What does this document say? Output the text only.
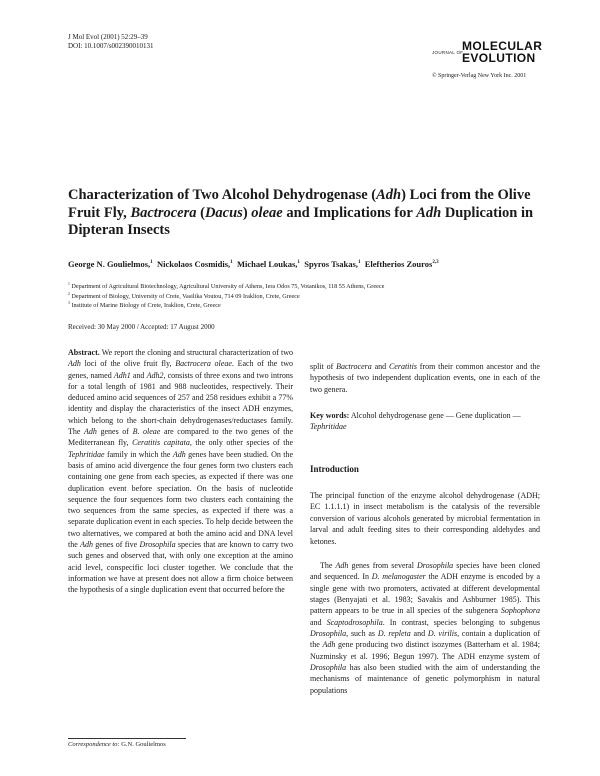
J Mol Evol (2001) 52:29–39
DOI: 10.1007/s002390010131
JOURNAL OF
MOLECULAR
EVOLUTION
© Springer-Verlag New York Inc. 2001
Characterization of Two Alcohol Dehydrogenase (Adh) Loci from the Olive Fruit Fly, Bactrocera (Dacus) oleae and Implications for Adh Duplication in Dipteran Insects
George N. Goulielmos,$^1$ Nickolaos Cosmidis,$^1$ Michael Loukas,$^1$ Spyros Tsakas,$^1$ Eleftherios Zouros$^{2,3}$
$^1$ Department of Agricultural Biotechnology, Agricultural University of Athens, Iera Odos 75, Votanikos, 118 55 Athens, Greece
$^2$ Department of Biology, University of Crete, Vasilika Voutou, 714 09 Iraklion, Crete, Greece
$^3$ Institute of Marine Biology of Crete, Iraklion, Crete, Greece
Received: 30 May 2000 / Accepted: 17 August 2000
Abstract. We report the cloning and structural characterization of two Adh loci of the olive fruit fly, Bactrocera oleae. Each of the two genes, named Adh1 and Adh2, consists of three exons and two introns for a total length of 1981 and 988 nucleotides, respectively. Their deduced amino acid sequences of 257 and 258 residues exhibit a 77% identity and display the characteristics of the insect ADH enzymes, which belong to the short-chain dehydrogenases/reductases family. The Adh genes of B. oleae are compared to the two genes of the Mediterranean fly, Ceratitis capitata, the only other species of the Tephritidae family in which the Adh genes have been studied. On the basis of amino acid divergence the four genes form two clusters each containing one gene from each species, as expected if there was one duplication event before speciation. On the basis of nucleotide sequence the four sequences form two clusters each containing the two sequences from the same species, as expected if there was a separate duplication event in each species. To help decide between the two alternatives, we compared at both the amino acid and DNA level the Adh genes of five Drosophila species that are known to carry two such genes and observed that, with only one exception at the amino acid level, conspecific loci cluster together. We conclude that the information we have at present does not allow a firm choice between the hypothesis of a single duplication event that occurred before the
split of Bactrocera and Ceratitis from their common ancestor and the hypothesis of two independent duplication events, one in each of the two genera.
Key words: Alcohol dehydrogenase gene — Gene duplication — Tephritidae
Introduction
The principal function of the enzyme alcohol dehydrogenase (ADH; EC 1.1.1.1) in insect metabolism is the catalysis of the reversible conversion of various alcohols generated by microbial fermentation in larval and adult feeding sites to their corresponding aldehydes and ketones.
The Adh genes from several Drosophila species have been cloned and sequenced. In D. melanogaster the ADH enzyme is encoded by a single gene with two promoters, activated at different developmental stages (Benyajati et al. 1983; Savakis and Ashburner 1985). This pattern appears to be true in all species of the subgenera Sophophora and Scaptodrosophila. In contrast, species belonging to subgenus Drosophila, such as D. repleta and D. virilis, contain a duplication of the Adh gene producing two distinct isozymes (Batterham et al. 1984; Nuzminsky et al. 1996; Begun 1997). The ADH enzyme system of Drosophila has also been studied with the aim of understanding the mechanisms of maintenance of genetic polymorphism in natural populations
Correspondence to: G.N. Goulielmos
